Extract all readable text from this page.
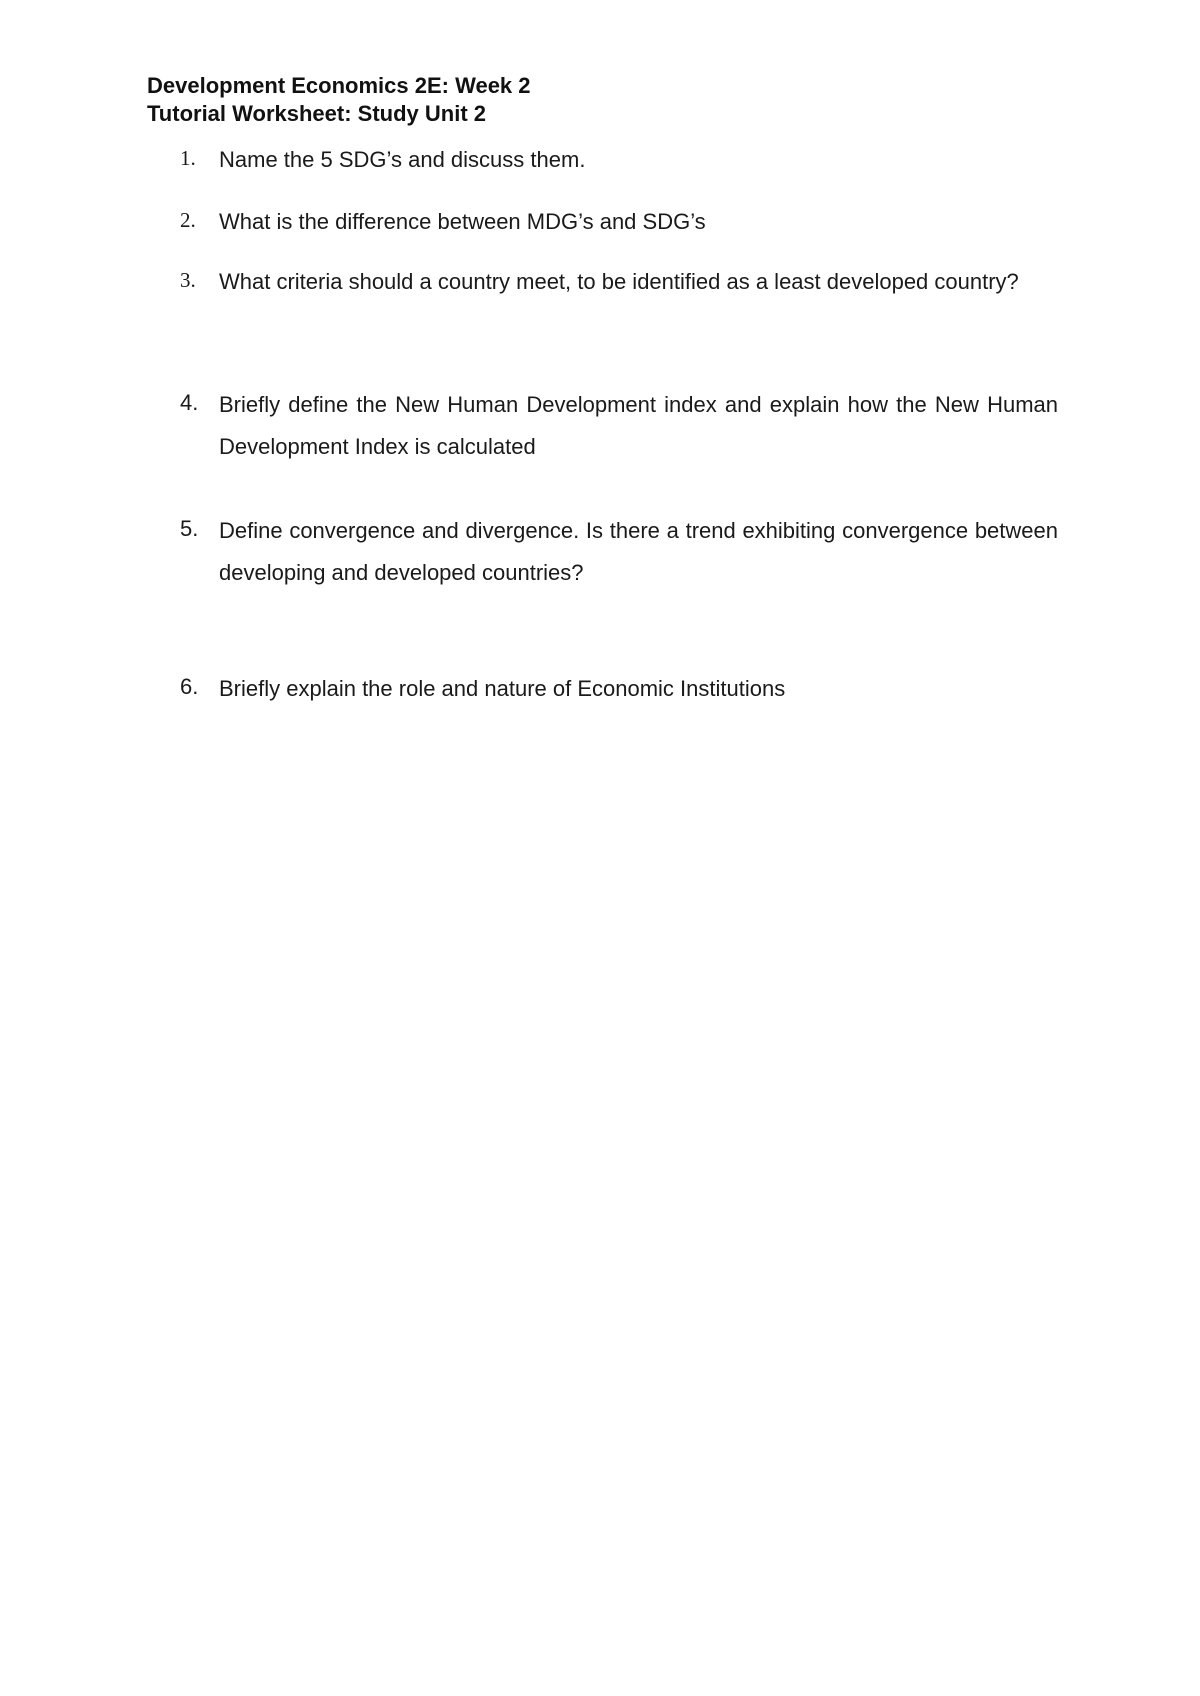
Development Economics 2E: Week 2
Tutorial Worksheet: Study Unit 2
1. Name the 5 SDG’s and discuss them.
2. What is the difference between MDG’s and SDG’s
3. What criteria should a country meet, to be identified as a least developed country?
4. Briefly define the New Human Development index and explain how the New Human Development Index is calculated
5. Define convergence and divergence. Is there a trend exhibiting convergence between developing and developed countries?
6. Briefly explain the role and nature of Economic Institutions
